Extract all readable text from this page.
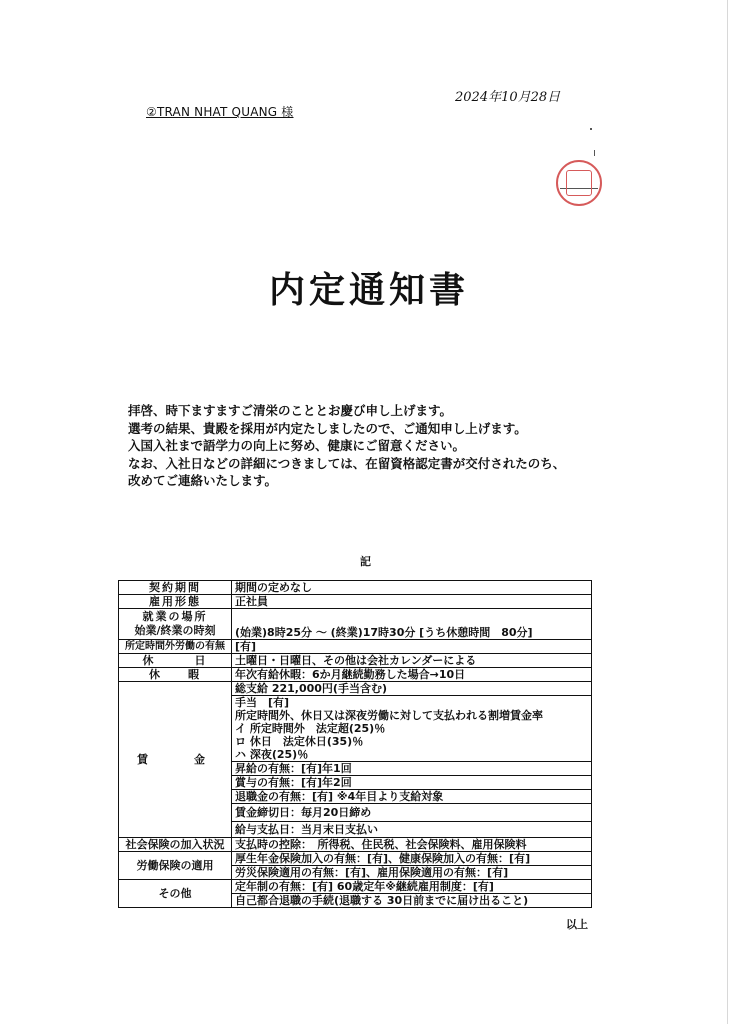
②TRAN NHAT QUANG 様
2024年10月28日
内定通知書
拝啓、時下ますますご清栄のこととお慶び申し上げます。
選考の結果、貴殿を採用が内定たしましたので、ご通知申し上げます。
入国入社まで語学力の向上に努め、健康にご留意ください。
なお、入社日などの詳細につきましては、在留資格認定書が交付されたのち、
改めてご連絡いたします。
記
契約期間	期間の定めなし
雇用形態	正社員

就業の場所
始業/終業の時刻	(始業)8時25分 ～ (終業)17時30分 [うち休憩時間　80分]

所定時間外労働の有無	[有]
休　　　日	土曜日・日曜日、その他は会社カレンダーによる
休　　暇	年次有給休暇：6か月継続勤務した場合→10日
賃　　金	総支給 221,000円(手当含む)
	手当　[有]
	所定時間外、休日又は深夜労働に対して支払われる割増賃金率
	イ 所定時間外　法定超(25)％
	ロ 休日　法定休日(35)％
	ハ 深夜(25)％
	昇給の有無：[有]年1回
	賞与の有無：[有]年2回
	退職金の有無：[有] ※4年目より支給対象
	賃金締切日：毎月20日締め
	給与支払日：当月末日支払い
社会保険の加入状況	支払時の控除：　所得税、住民税、社会保険料、雇用保険料
労働保険の適用	厚生年金保険加入の有無：[有]、健康保険加入の有無：[有]
	労災保険適用の有無：[有]、雇用保険適用の有無：[有]
その他	定年制の有無：[有] 60歳定年※継続雇用制度：[有]
	自己都合退職の手続(退職する 30日前までに届け出ること)
以上
